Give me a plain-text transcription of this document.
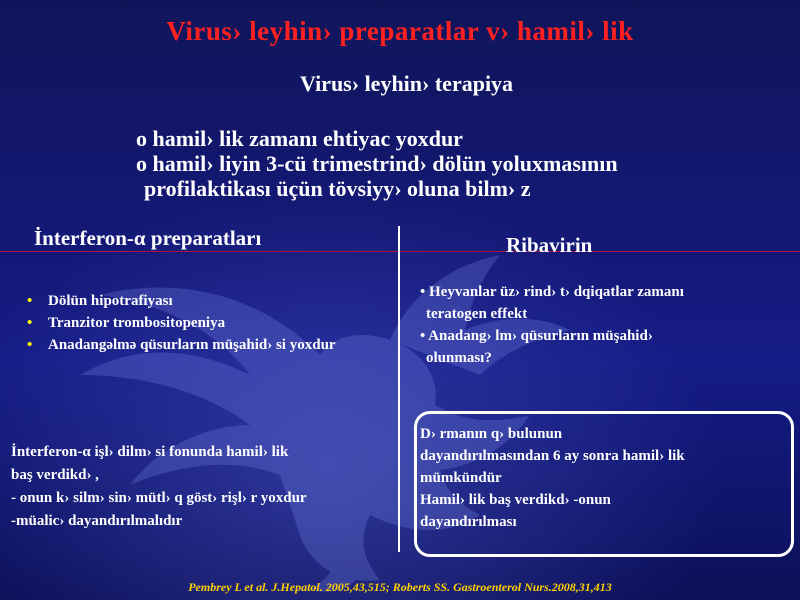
Virus› leyhin› preparatlar v› hamil› lik
Virus› leyhin› terapiya
o hamil› lik zamanı ehtiyac yoxdur
o hamil› liyin 3-cü trimestrind› dölün yoluxmasının
profilaktikası üçün tövsiyy› oluna bilm› z
İnterferon-α preparatları	Ribavirin
• Dölün hipotrafiyası
• Tranzitor trombositopeniya
• Anadangəlmə qüsurların müşahid› si yoxdur
• Heyvanlar üz› rind› t› dqiqatlar zamanı
teratogen effekt
• Anadang› lm› qüsurların müşahid›
olunması?
İnterferon-α işl› dilm› si fonunda hamil› lik
baş verdikd› ,
- onun k› silm› sin› mütl› q göst› rişl› r yoxdur
-müalic› dayandırılmalıdır
D› rmanın q› bulunun
dayandırılmasından 6 ay sonra hamil› lik
mümkündür
Hamil› lik baş verdikd› -onun
dayandırılması
Pembrey L et al. J.Hepatol. 2005,43,515; Roberts SS. Gastroenterol Nurs.2008,31,413
